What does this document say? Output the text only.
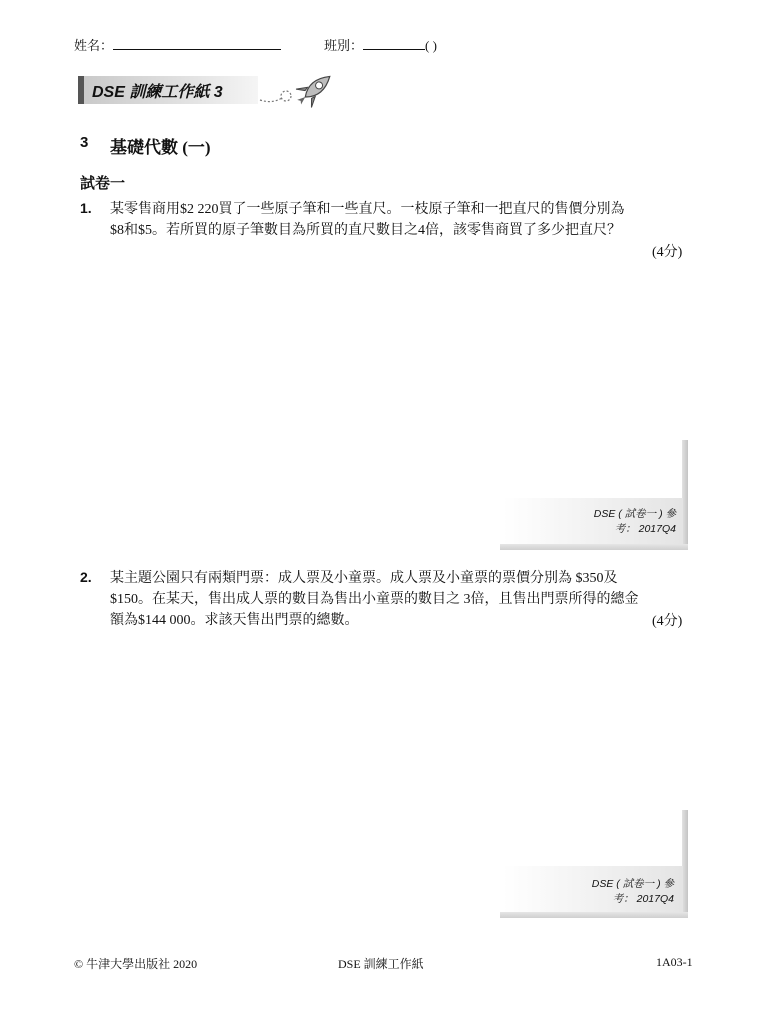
姓名：	班別：	( )
DSE 訓練工作紙 3
3 基礎代數 (一)
試卷一
1. 某零售商用$2 220買了一些原子筆和一些直尺。一枝原子筆和一把直尺的售價分別為
$8和$5。若所買的原子筆數目為所買的直尺數目之4倍，該零售商買了多少把直尺？
(4分)
DSE ( 試卷一 ) 參
考： 2017Q4
2. 某主題公園只有兩類門票：成人票及小童票。成人票及小童票的票價分別為 $350及
$150。在某天，售出成人票的數目為售出小童票的數目之 3倍，且售出門票所得的總金
額為$144 000。求該天售出門票的總數。	(4分)
DSE ( 試卷一 ) 參
考： 2017Q4
© 牛津大學出版社 2020	DSE 訓練工作紙	1A03-1
